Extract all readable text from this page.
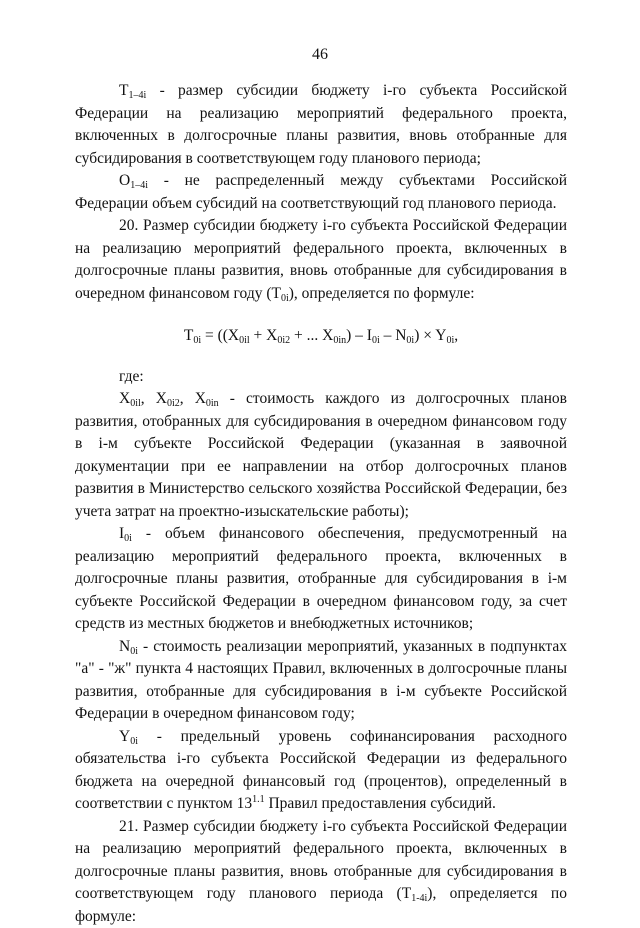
46

$T_{1-4i}$ - размер субсидии бюджету i-го субъекта Российской Федерации на реализацию мероприятий федерального проекта, включенных в долгосрочные планы развития, вновь отобранные для субсидирования в соответствующем году планового периода;

$O_{1-4i}$ - не распределенный между субъектами Российской Федерации объем субсидий на соответствующий год планового периода.

20. Размер субсидии бюджету i-го субъекта Российской Федерации на реализацию мероприятий федерального проекта, включенных в долгосрочные планы развития, вновь отобранные для субсидирования в очередном финансовом году $(T_{0i})$, определяется по формуле:

$T_{0i} = ((X_{0il} + X_{0i2}$ + ... $X_{0in}) - I_{0i} - N_{0i}) \times Y_{0i}$,

где:

$X_{0il}$, $X_{0i2}$, $X_{0in}$ - стоимость каждого из долгосрочных планов развития, отобранных для субсидирования в очередном финансовом году в i-м субъекте Российской Федерации (указанная в заявочной документации при ее направлении на отбор долгосрочных планов развития в Министерство сельского хозяйства Российской Федерации, без учета затрат на проектно-изыскательские работы);

$I_{0i}$ - объем финансового обеспечения, предусмотренный на реализацию мероприятий федерального проекта, включенных в долгосрочные планы развития, отобранные для субсидирования в i-м субъекте Российской Федерации в очередном финансовом году, за счет средств из местных бюджетов и внебюджетных источников;

$N_{0i}$ - стоимость реализации мероприятий, указанных в подпунктах "а" - "ж" пункта 4 настоящих Правил, включенных в долгосрочные планы развития, отобранные для субсидирования в i-м субъекте Российской Федерации в очередном финансовом году;

$Y_{0i}$ - предельный уровень софинансирования расходного обязательства i-го субъекта Российской Федерации из федерального бюджета на очередной финансовый год (процентов), определенный в соответствии с пунктом $13^{1.1}$ Правил предоставления субсидий.

21. Размер субсидии бюджету i-го субъекта Российской Федерации на реализацию мероприятий федерального проекта, включенных в долгосрочные планы развития, вновь отобранные для субсидирования в соответствующем году планового периода $(T_{1-4i})$, определяется по формуле:
